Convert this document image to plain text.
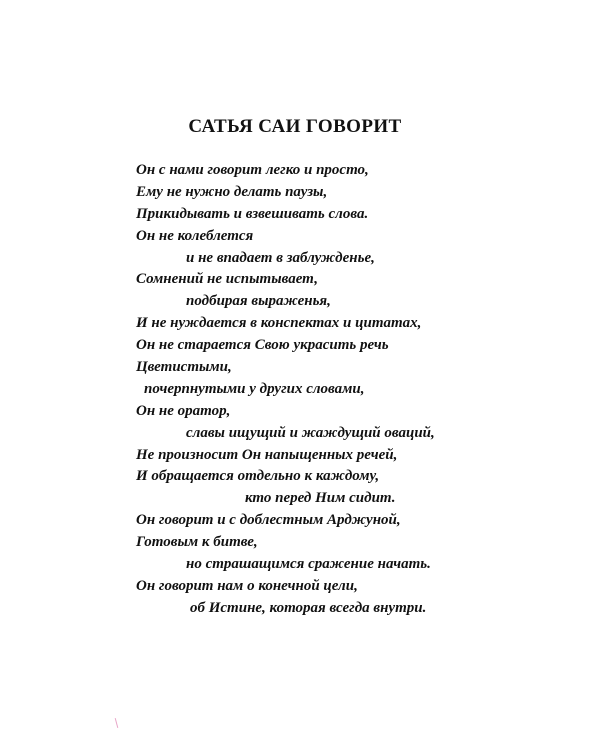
САТЬЯ САИ ГОВОРИТ
Он с нами говорит легко и просто,
Ему не нужно делать паузы,
Прикидывать и взвешивать слова.
Он не колеблется
и не впадает в заблужденье,
Сомнений не испытывает,
подбирая выраженья,
И не нуждается в конспектах и цитатах,
Он не старается Свою украсить речь
Цветистыми,
почерпнутыми у других словами,
Он не оратор,
славы ищущий и жаждущий оваций,
Не произносит Он напыщенных речей,
И обращается отдельно к каждому,
кто перед Ним сидит.
Он говорит и с доблестным Арджуной,
Готовым к битве,
но страшащимся сражение начать.
Он говорит нам о конечной цели,
об Истине, которая всегда внутри.
